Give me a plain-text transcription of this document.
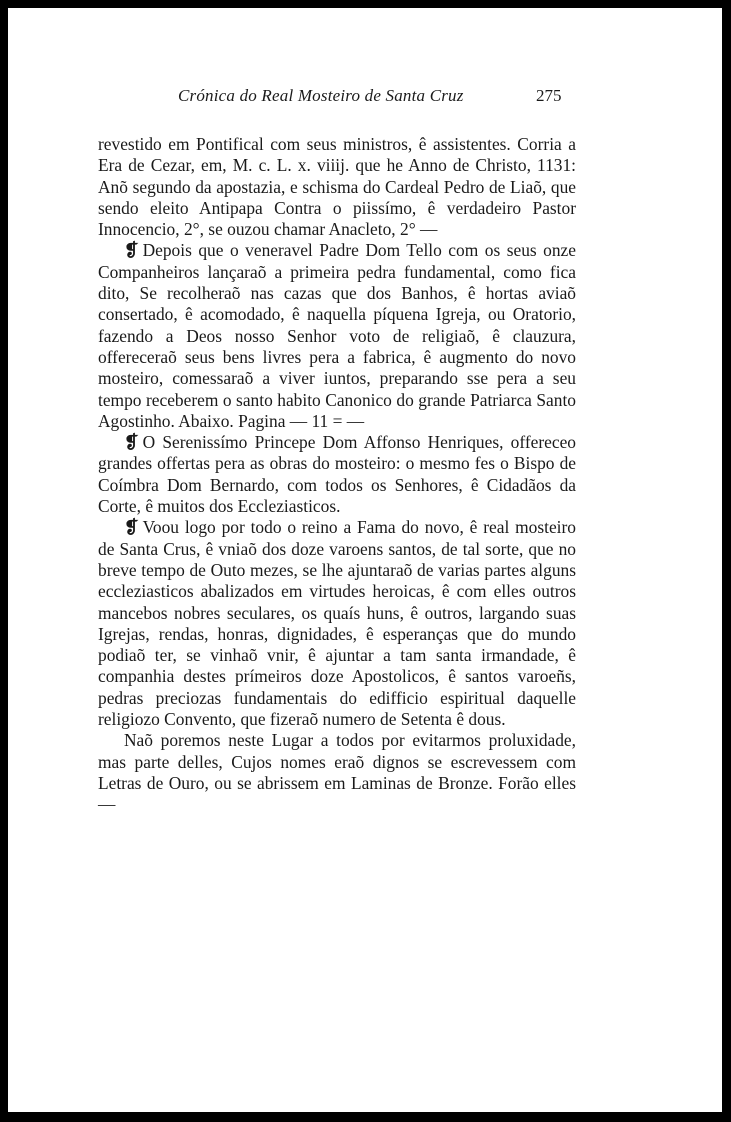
Crónica do Real Mosteiro de Santa Cruz	275

revestido em Pontifical com seus ministros, ê assistentes. Corria a Era de Cezar, em, M. c. L. x. viiij. que he Anno de Christo, 1131: Anõ segundo da apostazia, e schisma do Cardeal Pedro de Liaõ, que sendo eleito Antipapa Contra o piissímo, ê verdadeiro Pastor Innocencio, 2°, se ouzou chamar Anacleto, 2° —

❡ Depois que o veneravel Padre Dom Tello com os seus onze Companheiros lançaraõ a primeira pedra fundamental, como fica dito, Se recolheraõ nas cazas que dos Banhos, ê hortas aviaõ consertado, ê acomodado, ê naquella píquena Igreja, ou Oratorio, fazendo a Deos nosso Senhor voto de religiaõ, ê clauzura, offereceraõ seus bens livres pera a fabrica, ê augmento do novo mosteiro, comessaraõ a viver iuntos, preparando sse pera a seu tempo receberem o santo habito Canonico do grande Patriarca Santo Agostinho. Abaixo. Pagina — 11 = —

❡ O Serenissímo Princepe Dom Affonso Henriques, offereceo grandes offertas pera as obras do mosteiro: o mesmo fes o Bispo de Coímbra Dom Bernardo, com todos os Senhores, ê Cidadãos da Corte, ê muitos dos Eccleziasticos.

❡ Voou logo por todo o reino a Fama do novo, ê real mosteiro de Santa Crus, ê vniaõ dos doze varoens santos, de tal sorte, que no breve tempo de Outo mezes, se lhe ajuntaraõ de varias partes alguns eccleziasticos abalizados em virtudes heroicas, ê com elles outros mancebos nobres seculares, os quaís huns, ê outros, largando suas Igrejas, rendas, honras, dignidades, ê esperanças que do mundo podiaõ ter, se vinhaõ vnir, ê ajuntar a tam santa irmandade, ê companhia destes prímeiros doze Apostolicos, ê santos varoeñs, pedras preciozas fundamentais do edifficio espiritual daquelle religiozo Convento, que fizeraõ numero de Setenta ê dous.

Naõ poremos neste Lugar a todos por evitarmos proluxidade, mas parte delles, Cujos nomes eraõ dignos se escrevessem com Letras de Ouro, ou se abrissem em Laminas de Bronze. Forão elles —
